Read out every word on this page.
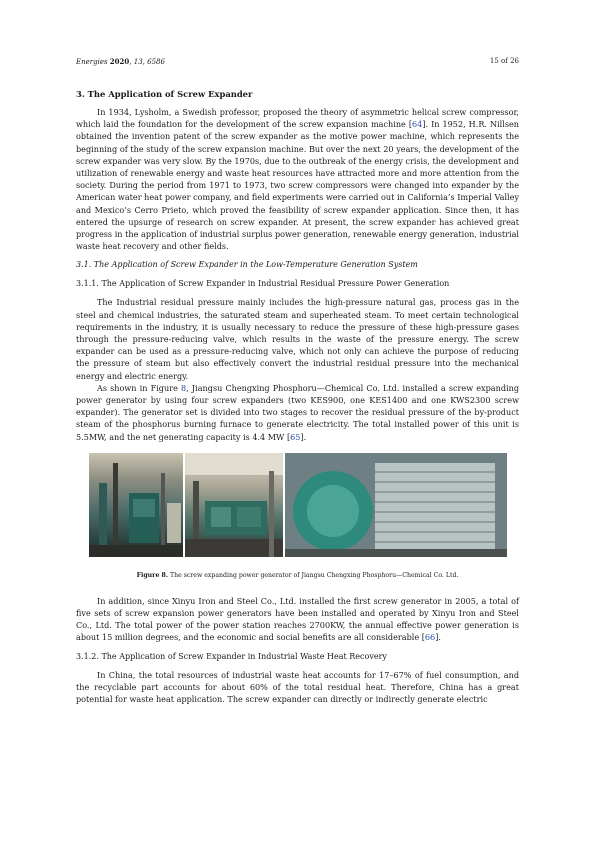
Energies 2020, 13, 6586	15 of 26
3. The Application of Screw Expander

In 1934, Lysholm, a Swedish professor, proposed the theory of asymmetric helical screw compressor, which laid the foundation for the development of the screw expansion machine [64]. In 1952, H.R. Nillsen obtained the invention patent of the screw expander as the motive power machine, which represents the beginning of the study of the screw expansion machine. But over the next 20 years, the development of the screw expander was very slow. By the 1970s, due to the outbreak of the energy crisis, the development and utilization of renewable energy and waste heat resources have attracted more and more attention from the society. During the period from 1971 to 1973, two screw compressors were changed into expander by the American water heat power company, and field experiments were carried out in California’s Imperial Valley and Mexico’s Cerro Prieto, which proved the feasibility of screw expander application. Since then, it has entered the upsurge of research on screw expander. At present, the screw expander has achieved great progress in the application of industrial surplus power generation, renewable energy generation, industrial waste heat recovery and other fields.

3.1. The Application of Screw Expander in the Low-Temperature Generation System
3.1.1. The Application of Screw Expander in Industrial Residual Pressure Power Generation

The Industrial residual pressure mainly includes the high-pressure natural gas, process gas in the steel and chemical industries, the saturated steam and superheated steam. To meet certain technological requirements in the industry, it is usually necessary to reduce the pressure of these high-pressure gases through the pressure-reducing valve, which results in the waste of the pressure energy. The screw expander can be used as a pressure-reducing valve, which not only can achieve the purpose of reducing the pressure of steam but also effectively convert the industrial residual pressure into the mechanical energy and electric energy.

As shown in Figure 8, Jiangsu Chengxing Phosphoru—Chemical Co. Ltd. installed a screw expanding power generator by using four screw expanders (two KES900, one KES1400 and one KWS2300 screw expander). The generator set is divided into two stages to recover the residual pressure of the by-product steam of the phosphorus burning furnace to generate electricity. The total installed power of this unit is 5.5MW, and the net generating capacity is 4.4 MW [65].

Figure 8. The screw expanding power generator of Jiangsu Chengxing Phosphoru—Chemical Co. Ltd.

In addition, since Xinyu Iron and Steel Co., Ltd. installed the first screw generator in 2005, a total of five sets of screw expansion power generators have been installed and operated by Xinyu Iron and Steel Co., Ltd. The total power of the power station reaches 2700KW, the annual effective power generation is about 15 million degrees, and the economic and social benefits are all considerable [66].

3.1.2. The Application of Screw Expander in Industrial Waste Heat Recovery

In China, the total resources of industrial waste heat accounts for 17–67% of fuel consumption, and the recyclable part accounts for about 60% of the total residual heat. Therefore, China has a great potential for waste heat application. The screw expander can directly or indirectly generate electric
